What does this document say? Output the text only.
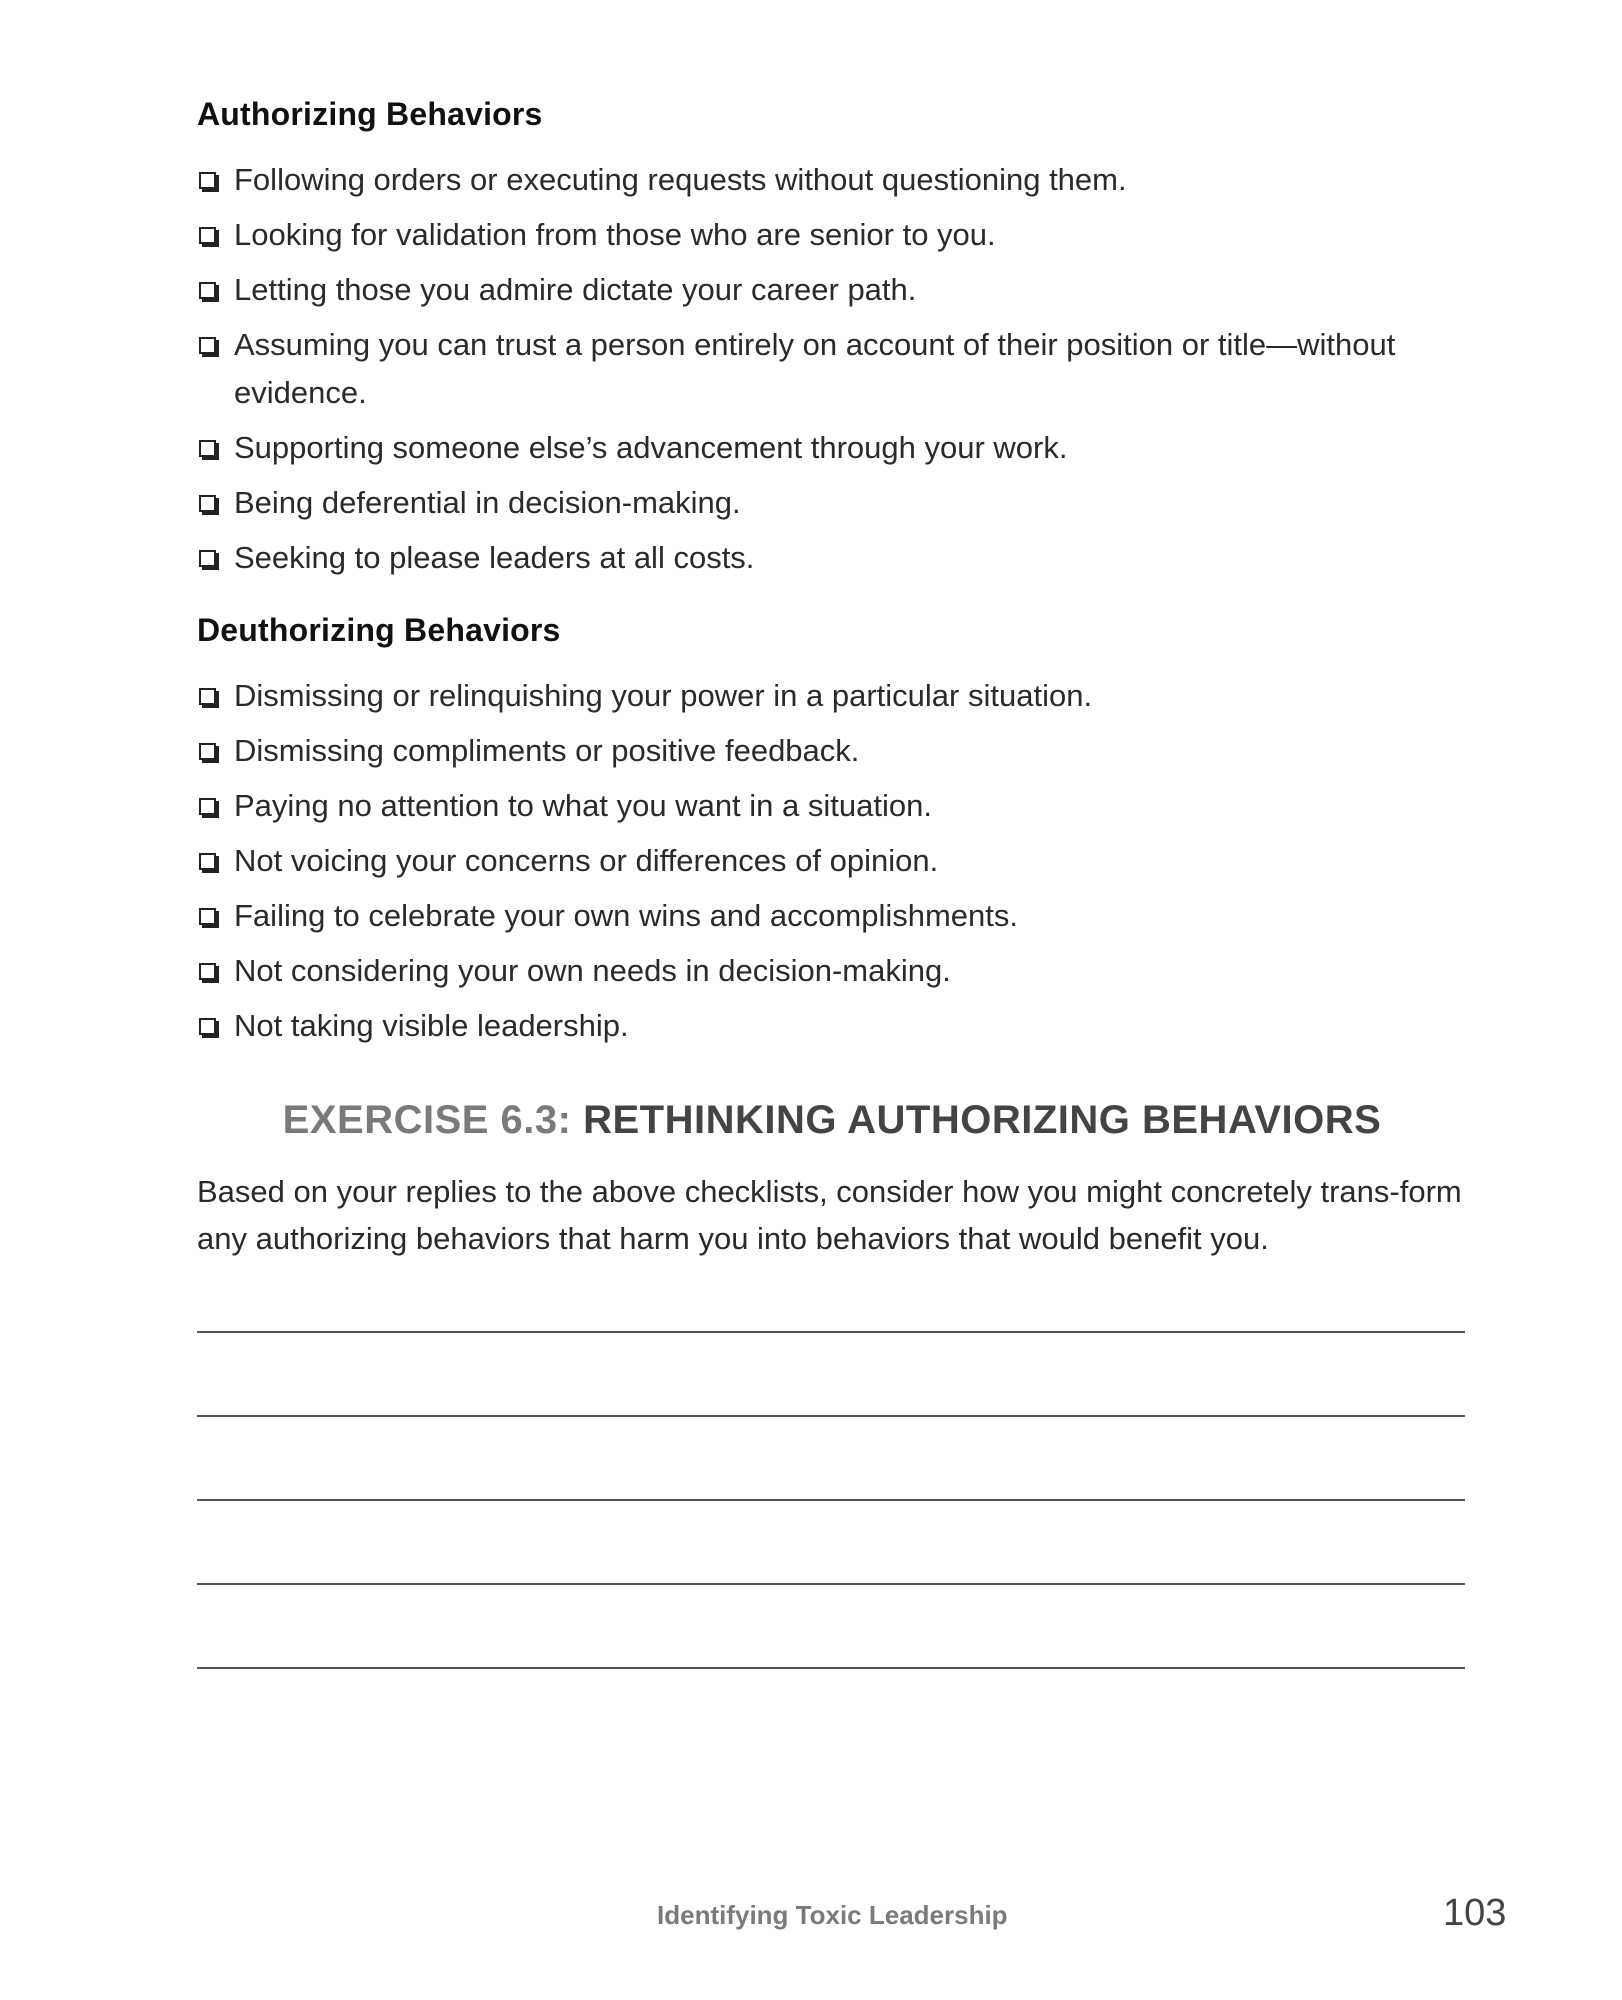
Authorizing Behaviors
Following orders or executing requests without questioning them.
Looking for validation from those who are senior to you.
Letting those you admire dictate your career path.
Assuming you can trust a person entirely on account of their position or title—without evidence.
Supporting someone else’s advancement through your work.
Being deferential in decision-making.
Seeking to please leaders at all costs.
Deuthorizing Behaviors
Dismissing or relinquishing your power in a particular situation.
Dismissing compliments or positive feedback.
Paying no attention to what you want in a situation.
Not voicing your concerns or differences of opinion.
Failing to celebrate your own wins and accomplishments.
Not considering your own needs in decision-making.
Not taking visible leadership.
EXERCISE 6.3: RETHINKING AUTHORIZING BEHAVIORS

Based on your replies to the above checklists, consider how you might concretely trans-form any authorizing behaviors that harm you into behaviors that would benefit you.

Identifying Toxic Leadership	103
